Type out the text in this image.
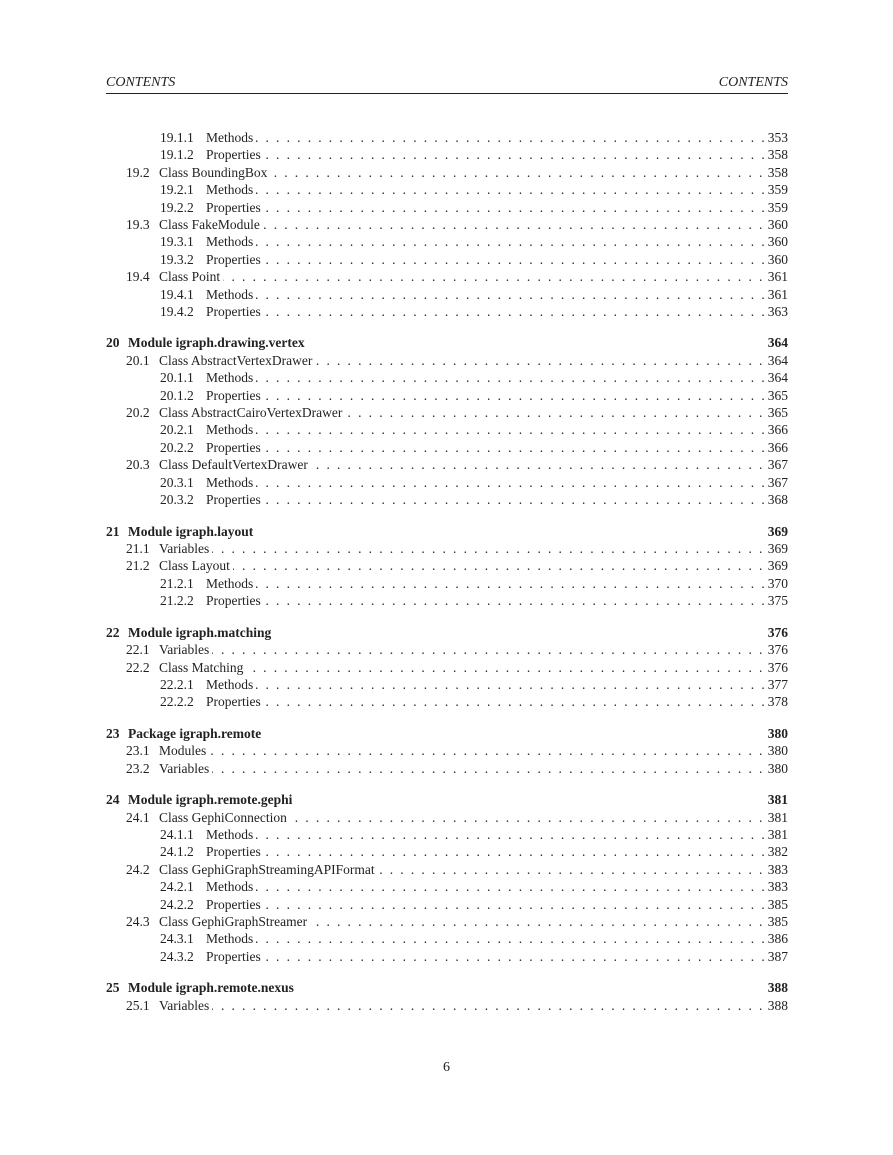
CONTENTS	CONTENTS
. . .
19.1.1 Methods	353
. . .
19.1.2 Properties	358
. . .
19.2 Class BoundingBox	358
. . .
19.2.1 Methods	359
. . .
19.2.2 Properties	359
. . .
19.3 Class FakeModule	360
. . .
19.3.1 Methods	360
. . .
19.3.2 Properties	360
. . .
19.4 Class Point	361
. . .
19.4.1 Methods	361
. . .
19.4.2 Properties	363
20 Module igraph.drawing.vertex	364
. . .
20.1 Class AbstractVertexDrawer	364
. . .
20.1.1 Methods	364
. . .
20.1.2 Properties	365
. . .
20.2 Class AbstractCairoVertexDrawer	365
. . .
20.2.1 Methods	366
. . .
20.2.2 Properties	366
. . .
20.3 Class DefaultVertexDrawer	367
. . .
20.3.1 Methods	367
. . .
20.3.2 Properties	368
21 Module igraph.layout	369
. . .
21.1 Variables	369
. . .
21.2 Class Layout	369
. . .
21.2.1 Methods	370
. . .
21.2.2 Properties	375
22 Module igraph.matching	376
. . .
22.1 Variables	376
. . .
22.2 Class Matching	376
. . .
22.2.1 Methods	377
. . .
22.2.2 Properties	378
23 Package igraph.remote	380
. . .
23.1 Modules	380
. . .
23.2 Variables	380
24 Module igraph.remote.gephi	381
. . .
24.1 Class GephiConnection	381
. . .
24.1.1 Methods	381
. . .
24.1.2 Properties	382
. . .
24.2 Class GephiGraphStreamingAPIFormat	383
. . .
24.2.1 Methods	383
. . .
24.2.2 Properties	385
. . .
24.3 Class GephiGraphStreamer	385
. . .
24.3.1 Methods	386
. . .
24.3.2 Properties	387
25 Module igraph.remote.nexus	388
. . .
25.1 Variables	388
6
